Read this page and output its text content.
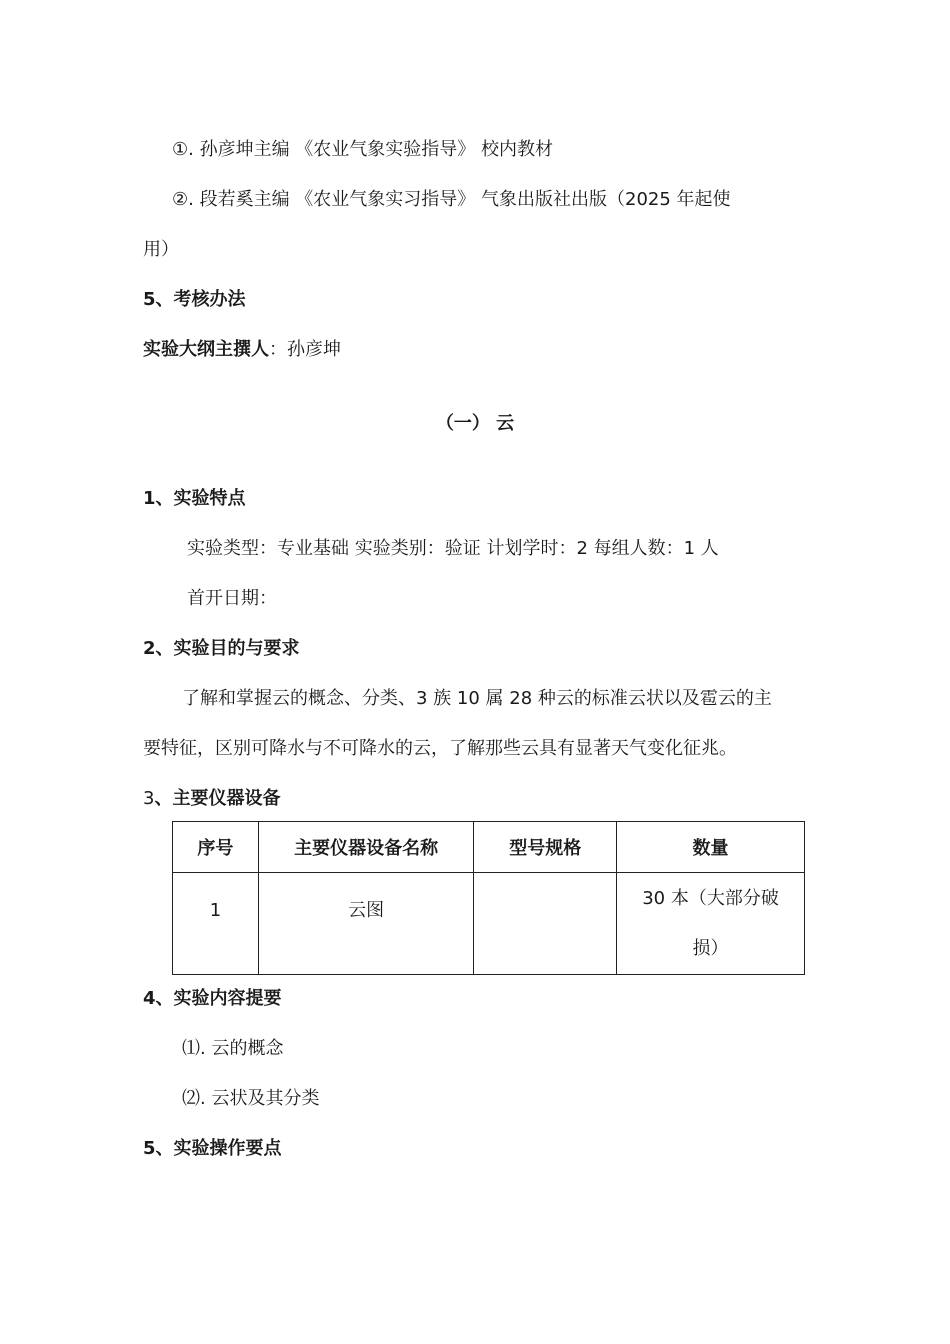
①. 孙彦坤主编 《农业气象实验指导》 校内教材
②. 段若奚主编 《农业气象实习指导》 气象出版社出版（2025 年起使
用）
5、考核办法
实验大纲主撰人：孙彦坤
（一） 云
1、实验特点
实验类型：专业基础 实验类别：验证 计划学时：2 每组人数：1 人
首开日期：
2、实验目的与要求
了解和掌握云的概念、分类、3 族 10 属 28 种云的标准云状以及雹云的主
要特征，区别可降水与不可降水的云，了解那些云具有显著天气变化征兆。
3、主要仪器设备
序号	主要仪器设备名称	型号规格	数量

1	云图		30 本（大部分破损）
4、实验内容提要
⑴. 云的概念
⑵. 云状及其分类
5、实验操作要点
